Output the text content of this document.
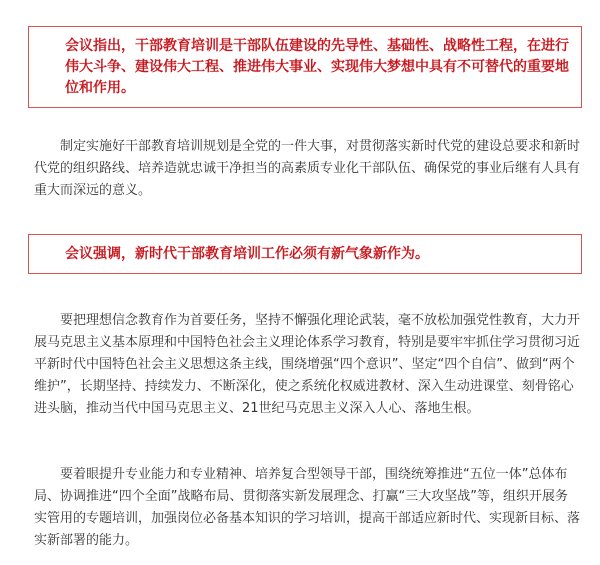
会议指出，干部教育培训是干部队伍建设的先导性、基础性、战略性工程，在进行伟大斗争、建设伟大工程、推进伟大事业、实现伟大梦想中具有不可替代的重要地位和作用。
制定实施好干部教育培训规划是全党的一件大事，对贯彻落实新时代党的建设总要求和新时代党的组织路线、培养造就忠诚干净担当的高素质专业化干部队伍、确保党的事业后继有人具有重大而深远的意义。
会议强调，新时代干部教育培训工作必须有新气象新作为。
要把理想信念教育作为首要任务，坚持不懈强化理论武装，毫不放松加强党性教育，大力开展马克思主义基本原理和中国特色社会主义理论体系学习教育，特别是要牢牢抓住学习贯彻习近平新时代中国特色社会主义思想这条主线，围绕增强“四个意识”、坚定“四个自信”、做到“两个维护”，长期坚持、持续发力、不断深化，使之系统化权威进教材、深入生动进课堂、刻骨铭心进头脑，推动当代中国马克思主义、21世纪马克思主义深入人心、落地生根。
要着眼提升专业能力和专业精神、培养复合型领导干部，围绕统筹推进“五位一体”总体布局、协调推进“四个全面”战略布局、贯彻落实新发展理念、打赢“三大攻坚战”等，组织开展务实管用的专题培训，加强岗位必备基本知识的学习培训，提高干部适应新时代、实现新目标、落实新部署的能力。
